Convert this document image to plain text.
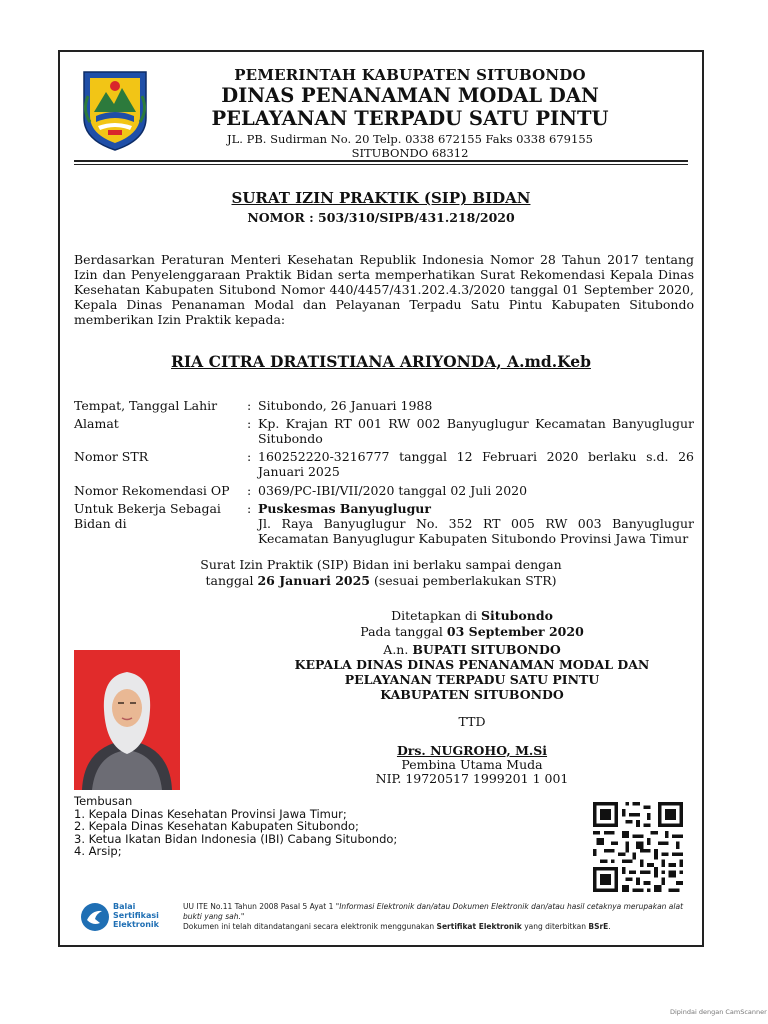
PEMERINTAH KABUPATEN SITUBONDO
DINAS PENANAMAN MODAL DAN
PELAYANAN TERPADU SATU PINTU
JL. PB. Sudirman No. 20 Telp. 0338 672155 Faks 0338 679155
SITUBONDO 68312
SURAT IZIN PRAKTIK (SIP) BIDAN
NOMOR : 503/310/SIPB/431.218/2020
Berdasarkan Peraturan Menteri Kesehatan Republik Indonesia Nomor 28 Tahun 2017 tentang Izin dan Penyelenggaraan Praktik Bidan serta memperhatikan Surat Rekomendasi Kepala Dinas Kesehatan Kabupaten Situbond Nomor 440/4457/431.202.4.3/2020 tanggal 01 September 2020, Kepala Dinas Penanaman Modal dan Pelayanan Terpadu Satu Pintu Kabupaten Situbondo memberikan Izin Praktik kepada:
RIA CITRA DRATISTIANA ARIYONDA, A.md.Keb
Tempat, Tanggal Lahir	: Situbondo, 26 Januari 1988
Alamat	: Kp. Krajan RT 001 RW 002 Banyuglugur Kecamatan Banyuglugur Situbondo
Nomor STR	: 160252220-3216777 tanggal 12 Februari 2020 berlaku s.d. 26 Januari 2025
Nomor Rekomendasi OP	: 0369/PC-IBI/VII/2020 tanggal 02 Juli 2020
Untuk Bekerja Sebagai Bidan di
: Puskesmas Banyuglugur
Jl. Raya Banyuglugur No. 352 RT 005 RW 003 Banyuglugur Kecamatan Banyuglugur Kabupaten Situbondo Provinsi Jawa Timur
Surat Izin Praktik (SIP) Bidan ini berlaku sampai dengan
tanggal 26 Januari 2025 (sesuai pemberlakukan STR)
Ditetapkan di Situbondo
Pada tanggal 03 September 2020
A.n. BUPATI SITUBONDO
KEPALA DINAS DINAS PENANAMAN MODAL DAN
PELAYANAN TERPADU SATU PINTU
KABUPATEN SITUBONDO
TTD
Drs. NUGROHO, M.Si
Pembina Utama Muda
NIP. 19720517 1999201 1 001
Tembusan
1. Kepala Dinas Kesehatan Provinsi Jawa Timur;
2. Kepala Dinas Kesehatan Kabupaten Situbondo;
3. Ketua Ikatan Bidan Indonesia (IBI) Cabang Situbondo;
4. Arsip;
Balai
Sertifikasi
Elektronik
UU ITE No.11 Tahun 2008 Pasal 5 Ayat 1 "Informasi Elektronik dan/atau Dokumen Elektronik dan/atau hasil cetaknya merupakan alat bukti yang sah."
Dokumen ini telah ditandatangani secara elektronik menggunakan Sertifikat Elektronik yang diterbitkan BSrE.
Dipindai dengan CamScanner
